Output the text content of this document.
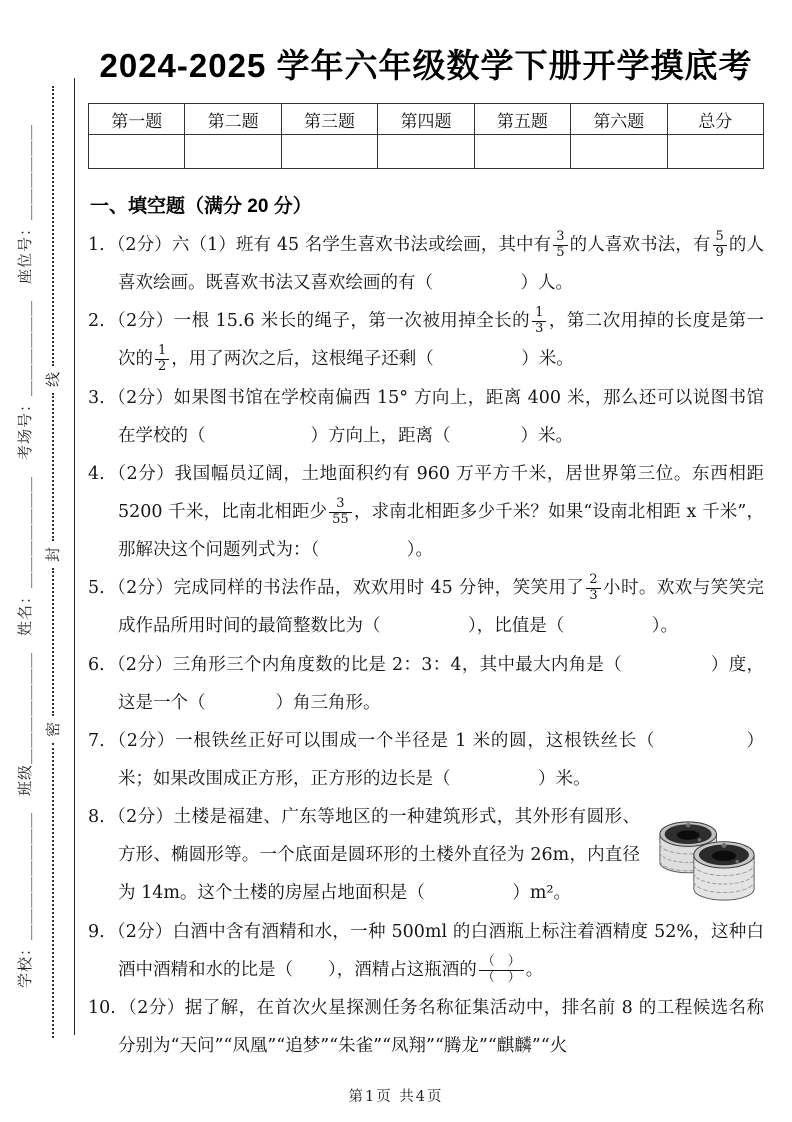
学校：＿＿＿＿＿＿＿＿　班级＿＿＿＿＿＿＿　姓名：＿＿＿＿＿＿＿　考场号：＿＿＿＿＿＿　座位号：＿＿＿＿＿＿ 线
封
密
2024-2025 学年六年级数学下册开学摸底考
第一题	第二题	第三题	第四题	第五题	第六题	总分

一、填空题（满分 20 分）
1. （2分）六（1）班有 45 名学生喜欢书法或绘画，其中有 $\frac{3}{5}$ 的人喜欢书法，有 $\frac{5}{9}$ 的人喜欢绘画。既喜欢书法又喜欢绘画的有（　　　　　）人。
2. （2分）一根 15.6 米长的绳子，第一次被用掉全长的 $\frac{1}{3}$ ，第二次用掉的长度是第一次的 $\frac{1}{2}$ ，用了两次之后，这根绳子还剩（　　　　　）米。
3. （2分）如果图书馆在学校南偏西 15° 方向上，距离 400 米，那么还可以说图书馆在学校的（　　　　　　）方向上，距离（　　　　）米。
4. （2分）我国幅员辽阔，土地面积约有 960 万平方千米，居世界第三位。东西相距 5200 千米，比南北相距少 $\frac{3}{55}$ ，求南北相距多少千米？如果“设南北相距 x 千米”，那解决这个问题列式为：（　　　　　）。
5. （2分）完成同样的书法作品，欢欢用时 45 分钟，笑笑用了 $\frac{2}{3}$ 小时。欢欢与笑笑完成作品所用时间的最简整数比为（　　　　　），比值是（　　　　　）。
6. （2分）三角形三个内角度数的比是 2：3：4，其中最大内角是（　　　　　）度，这是一个（　　　　）角三角形。
7. （2分）一根铁丝正好可以围成一个半径是 1 米的圆，这根铁丝长（　　　　　）米；如果改围成正方形，正方形的边长是（　　　　　）米。
8. （2分）土楼是福建、广东等地区的一种建筑形式，其外形有圆形、方形、椭圆形等。一个底面是圆环形的土楼外直径为 26m，内直径为 14m。这个土楼的房屋占地面积是（　　　　　）m²。
9. （2分）白酒中含有酒精和水，一种 500ml 的白酒瓶上标注着酒精度 52%，这种白酒中酒精和水的比是（　　），酒精占这瓶酒的 $\frac{( )}{( )}$ 。
10. （2分）据了解，在首次火星探测任务名称征集活动中，排名前 8 的工程候选名称分别为“天问”“凤凰”“追梦”“朱雀”“凤翔”“腾龙”“麒麟”“火
第1页 共4页
